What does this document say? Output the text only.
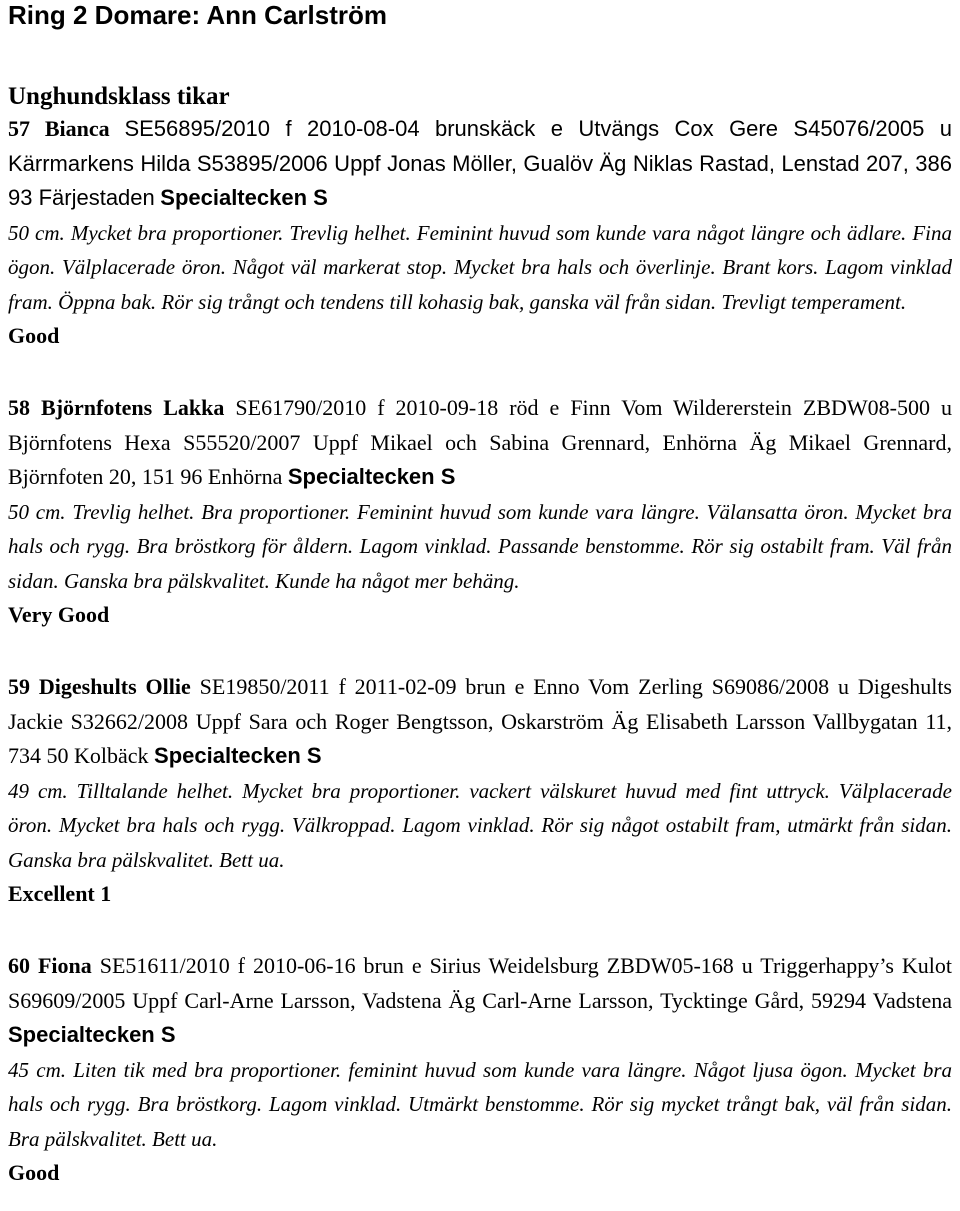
Ring 2 Domare: Ann Carlström
Unghundsklass tikar

57 Bianca SE56895/2010 f 2010-08-04 brunskäck e Utvängs Cox Gere S45076/2005 u Kärrmarkens Hilda S53895/2006 Uppf Jonas Möller, Gualöv Äg Niklas Rastad, Lenstad 207, 386 93 Färjestaden Specialtecken S

50 cm. Mycket bra proportioner. Trevlig helhet. Feminint huvud som kunde vara något längre och ädlare. Fina ögon. Välplacerade öron. Något väl markerat stop. Mycket bra hals och överlinje. Brant kors. Lagom vinklad fram. Öppna bak. Rör sig trångt och tendens till kohasig bak, ganska väl från sidan. Trevligt temperament.

Good

58 Björnfotens Lakka SE61790/2010 f 2010-09-18 röd e Finn Vom Wildererstein ZBDW08-500 u Björnfotens Hexa S55520/2007 Uppf Mikael och Sabina Grennard, Enhörna Äg Mikael Grennard, Björnfoten 20, 151 96 Enhörna Specialtecken S

50 cm. Trevlig helhet. Bra proportioner. Feminint huvud som kunde vara längre. Välansatta öron. Mycket bra hals och rygg. Bra bröstkorg för åldern. Lagom vinklad. Passande benstomme. Rör sig ostabilt fram. Väl från sidan. Ganska bra pälskvalitet. Kunde ha något mer behäng.

Very Good

59 Digeshults Ollie SE19850/2011 f 2011-02-09 brun e Enno Vom Zerling S69086/2008 u Digeshults Jackie S32662/2008 Uppf Sara och Roger Bengtsson, Oskarström Äg Elisabeth Larsson Vallbygatan 11, 734 50 Kolbäck Specialtecken S

49 cm. Tilltalande helhet. Mycket bra proportioner. vackert välskuret huvud med fint uttryck. Välplacerade öron. Mycket bra hals och rygg. Välkroppad. Lagom vinklad. Rör sig något ostabilt fram, utmärkt från sidan. Ganska bra pälskvalitet. Bett ua.

Excellent 1

60 Fiona SE51611/2010 f 2010-06-16 brun e Sirius Weidelsburg ZBDW05-168 u Triggerhappy’s Kulot S69609/2005 Uppf Carl-Arne Larsson, Vadstena Äg Carl-Arne Larsson, Tycktinge Gård, 59294 Vadstena Specialtecken S

45 cm. Liten tik med bra proportioner. feminint huvud som kunde vara längre. Något ljusa ögon. Mycket bra hals och rygg. Bra bröstkorg. Lagom vinklad. Utmärkt benstomme. Rör sig mycket trångt bak, väl från sidan. Bra pälskvalitet. Bett ua.

Good
